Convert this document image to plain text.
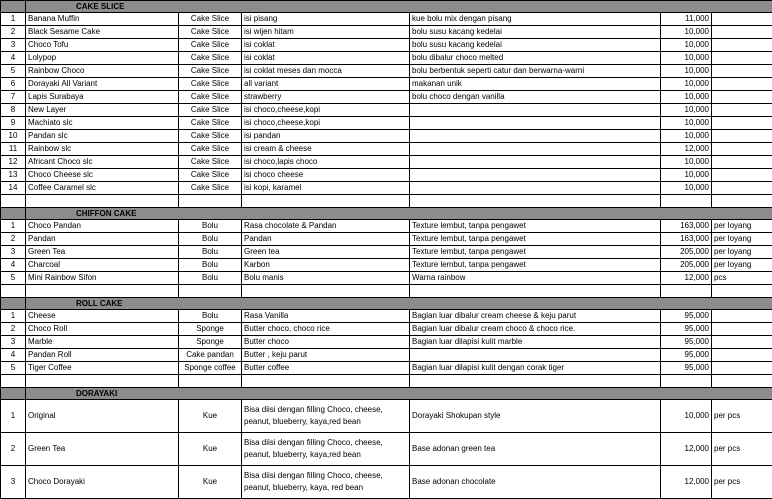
	CAKE SLICE					
1	Banana Muffin	Cake Slice	isi pisang	kue bolu mix dengan pisang	11,000	
2	Black Sesame Cake	Cake Slice	isi wijen hitam	bolu susu kacang kedelai	10,000	
3	Choco Tofu	Cake Slice	isi coklat	bolu susu kacang kedelai	10,000	
4	Lolypop	Cake Slice	isi coklat	bolu dibalur choco melted	10,000	
5	Rainbow Choco	Cake Slice	isi coklat meses dan mocca	bolu berbentuk seperti catur dan berwarna-warni	10,000	
6	Dorayaki All Variant	Cake Slice	all variant	makanan unik	10,000	
7	Lapis Surabaya	Cake Slice	strawberry	bolu choco dengan vanilla	10,000	
8	New Layer	Cake Slice	isi choco,cheese,kopi		10,000	
9	Machiato slc	Cake Slice	isi choco,cheese,kopi		10,000	
10	Pandan slc	Cake Slice	isi pandan		10,000	
11	Rainbow slc	Cake Slice	isi cream & cheese		12,000	
12	Africant Choco slc	Cake Slice	isi choco,lapis choco		10,000	
13	Choco Cheese slc	Cake Slice	isi choco cheese		10,000	
14	Coffee Caramel slc	Cake Slice	isi kopi, karamel		10,000	

	CHIFFON CAKE					
1	Choco Pandan	Bolu	Rasa chocolate & Pandan	Texture lembut, tanpa pengawet	163,000	per loyang
2	Pandan	Bolu	Pandan	Texture lembut, tanpa pengawet	163,000	per loyang
3	Green Tea	Bolu	Green tea	Texture lembut, tanpa pengawet	205,000	per loyang
4	Charcoal	Bolu	Karbon	Texture lembut, tanpa pengawet	205,000	per loyang
5	Mini Rainbow Sifon	Bolu	Bolu manis	Warna rainbow	12,000	pcs

	ROLL CAKE					
1	Cheese	Bolu	Rasa Vanilla	Bagian luar dibalur cream cheese & keju parut	95,000	
2	Choco Roll	Sponge	Butter choco, choco rice	Bagian luar dibalur cream choco & choco rice.	95,000	
3	Marble	Sponge	Butter choco	Bagian luar dilapisi kulit marble	95,000	
4	Pandan Roll	Cake pandan	Butter , keju parut		95,000	
5	Tiger Coffee	Sponge coffee	Butter coffee	Bagian luar dilapisi kulit dengan corak tiger	95,000	

	DORAYAKI					
1	Original	Kue	Bisa diisi dengan filling Choco, cheese, peanut, blueberry, kaya,red bean	Dorayaki Shokupan style	10,000	per pcs
2	Green Tea	Kue	Bisa diisi dengan filling Choco, cheese, peanut, blueberry, kaya,red bean	Base adonan green tea	12,000	per pcs
3	Choco Dorayaki	Kue	Bisa diisi dengan filling Choco, cheese, peanut, blueberry, kaya, red bean	Base adonan chocolate	12,000	per pcs
